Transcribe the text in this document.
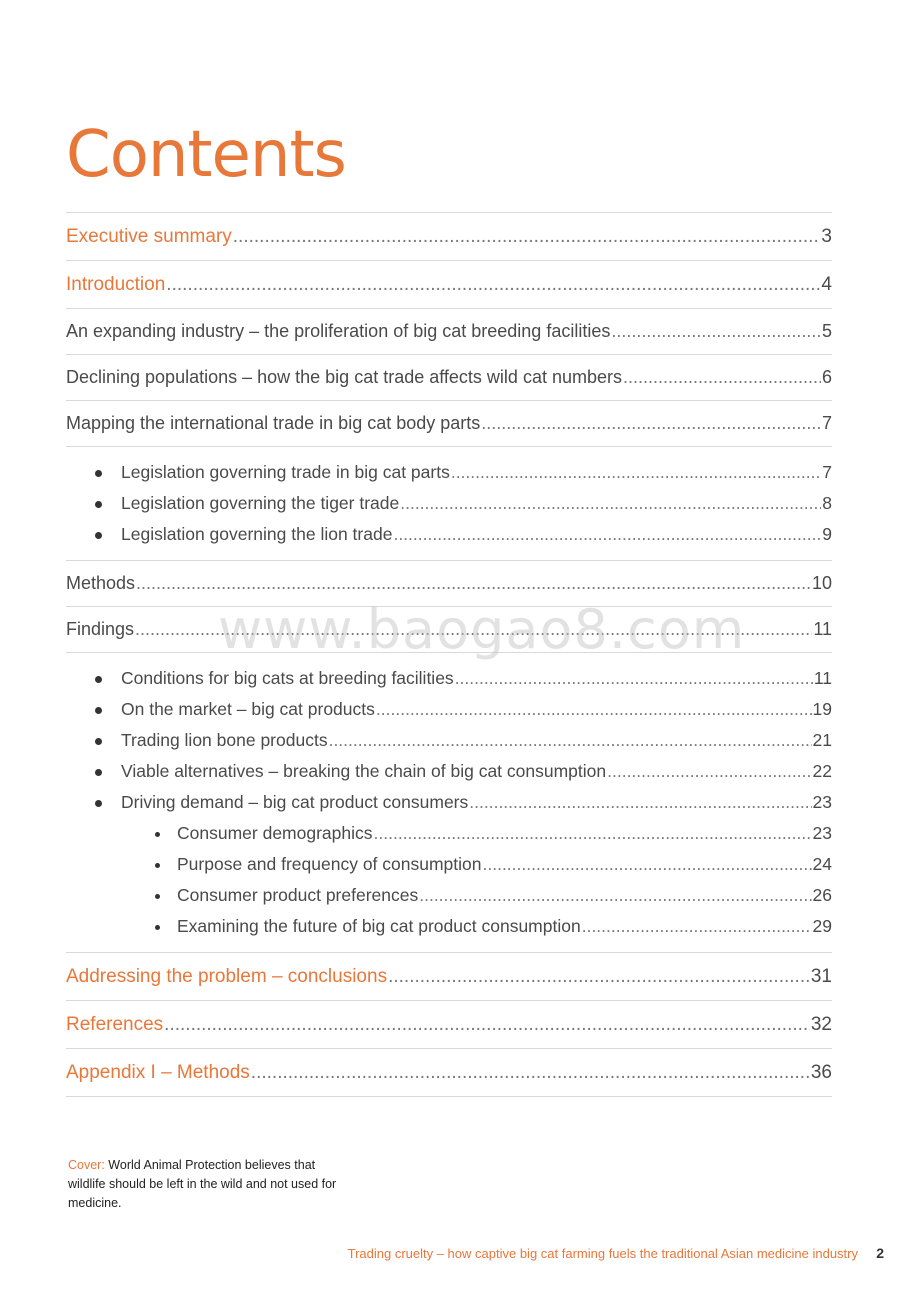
Contents
Executive summary .....	3
Introduction .....	4
An expanding industry – the proliferation of big cat breeding facilities .....	5
Declining populations – how the big cat trade affects wild cat numbers .....	6
Mapping the international trade in big cat body parts .....	7
Legislation governing trade in big cat parts .....	7
Legislation governing the tiger trade .....	8
Legislation governing the lion trade .....	9
Methods .....	10
Findings .....	11
Conditions for big cats at breeding facilities .....	11
On the market – big cat products .....	19
Trading lion bone products .....	21
Viable alternatives – breaking the chain of big cat consumption .....	22
Driving demand – big cat product consumers .....	23
Consumer demographics .....	23
Purpose and frequency of consumption .....	24
Consumer product preferences .....	26
Examining the future of big cat product consumption .....	29
Addressing the problem – conclusions .....	31
References .....	32
Appendix I – Methods .....	36
www.baogao8.com
Cover: World Animal Protection believes that wildlife should be left in the wild and not used for medicine.
Trading cruelty – how captive big cat farming fuels the traditional Asian medicine industry 2
